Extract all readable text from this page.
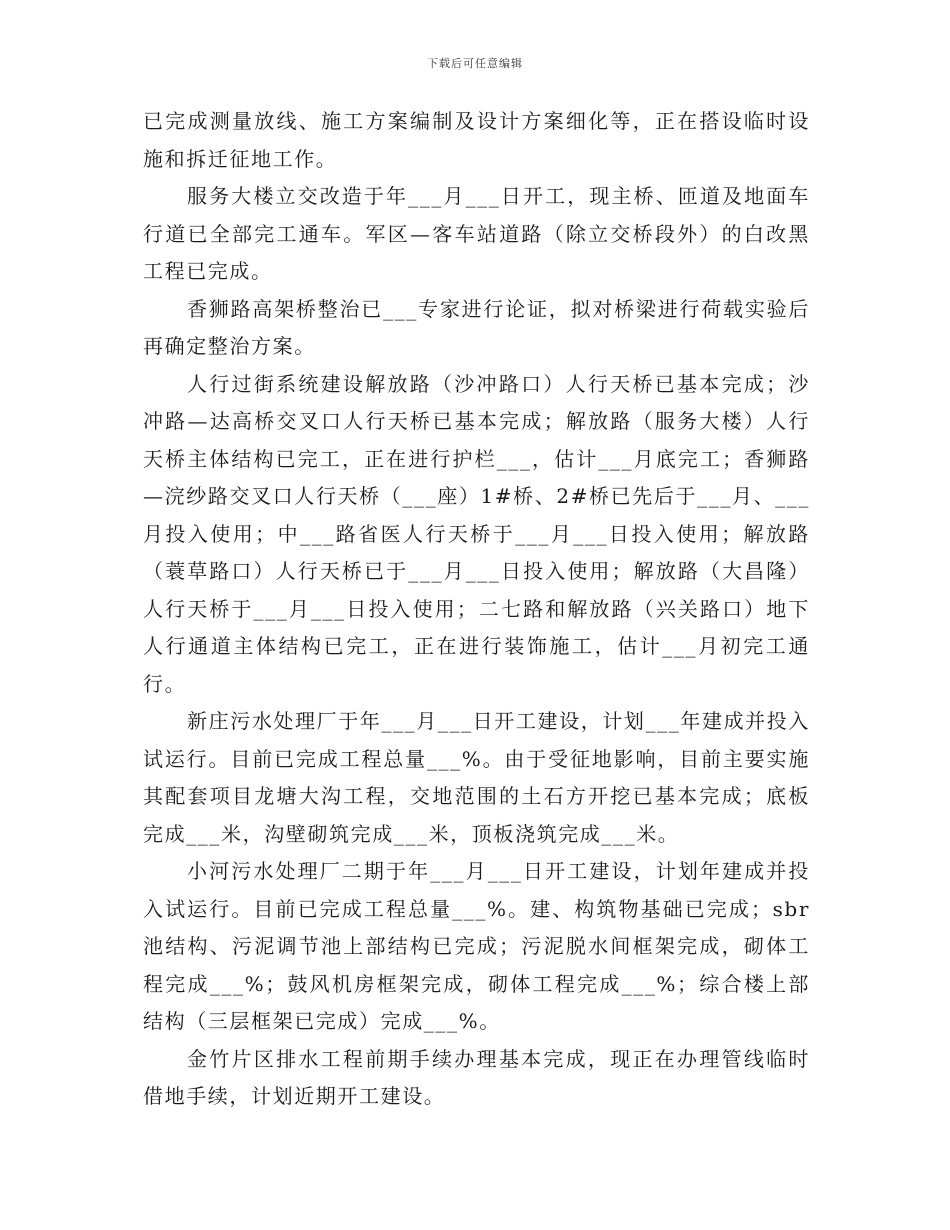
下载后可任意编辑

已完成测量放线、施工方案编制及设计方案细化等，正在搭设临时设施和拆迁征地工作。

服务大楼立交改造于年___月___日开工，现主桥、匝道及地面车行道已全部完工通车。军区—客车站道路（除立交桥段外）的白改黑工程已完成。

香狮路高架桥整治已___专家进行论证，拟对桥梁进行荷载实验后再确定整治方案。

人行过街系统建设解放路（沙冲路口）人行天桥已基本完成；沙冲路—达高桥交叉口人行天桥已基本完成；解放路（服务大楼）人行天桥主体结构已完工，正在进行护栏___，估计___月底完工；香狮路—浣纱路交叉口人行天桥（___座）1#桥、2#桥已先后于___月、___月投入使用；中___路省医人行天桥于___月___日投入使用；解放路（蓑草路口）人行天桥已于___月___日投入使用；解放路（大昌隆）人行天桥于___月___日投入使用；二七路和解放路（兴关路口）地下人行通道主体结构已完工，正在进行装饰施工，估计___月初完工通行。

新庄污水处理厂于年___月___日开工建设，计划___年建成并投入试运行。目前已完成工程总量___%。由于受征地影响，目前主要实施其配套项目龙塘大沟工程，交地范围的土石方开挖已基本完成；底板完成___米，沟壁砌筑完成___米，顶板浇筑完成___米。

小河污水处理厂二期于年___月___日开工建设，计划年建成并投入试运行。目前已完成工程总量___%。建、构筑物基础已完成；sbr池结构、污泥调节池上部结构已完成；污泥脱水间框架完成，砌体工程完成___%；鼓风机房框架完成，砌体工程完成___%；综合楼上部结构（三层框架已完成）完成___%。

金竹片区排水工程前期手续办理基本完成，现正在办理管线临时借地手续，计划近期开工建设。
